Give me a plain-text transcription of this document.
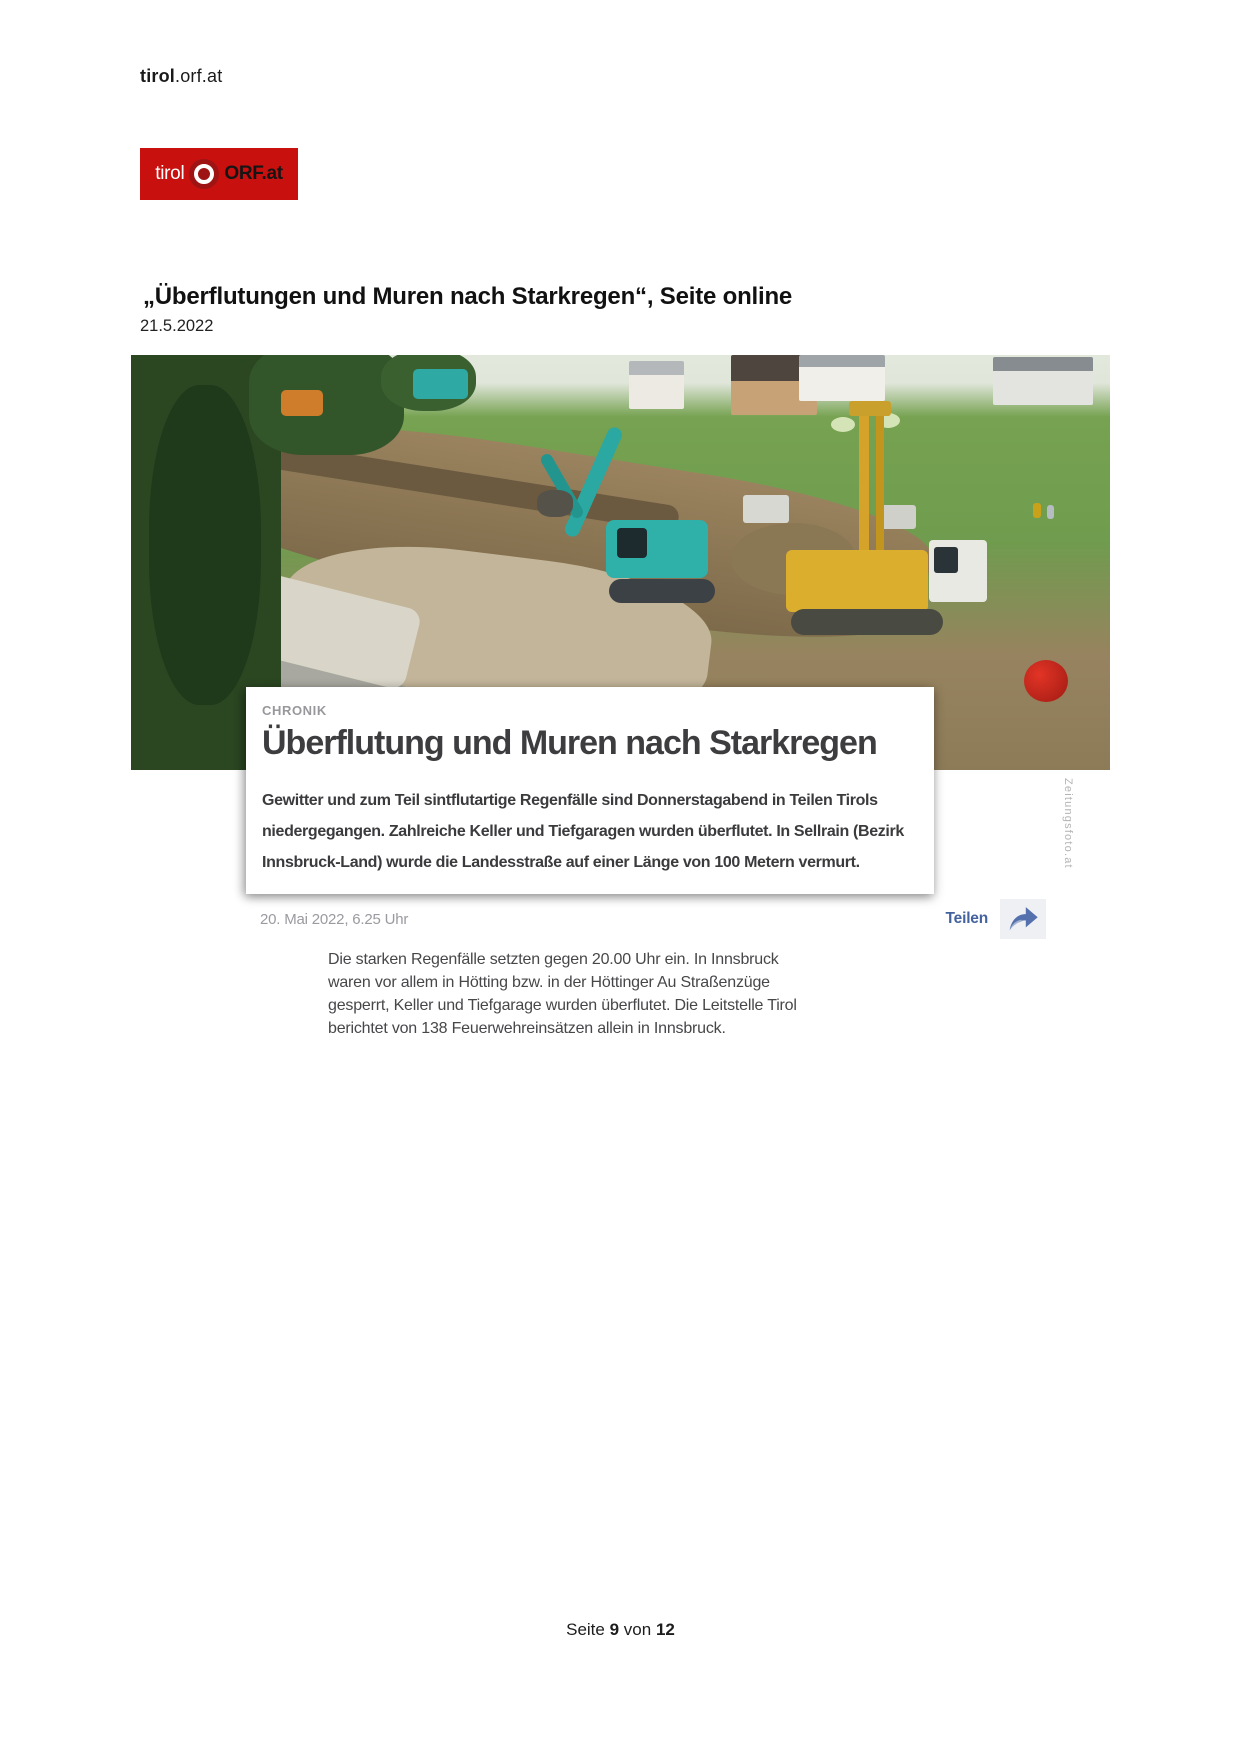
tirol.orf.at
tirol ORF.at
„Überflutungen und Muren nach Starkregen“, Seite online
21.5.2022
CHRONIK
Überflutung und Muren nach Starkregen
Gewitter und zum Teil sintflutartige Regenfälle sind Donnerstagabend in Teilen Tirols
niedergegangen. Zahlreiche Keller und Tiefgaragen wurden überflutet. In Sellrain (Bezirk
Innsbruck-Land) wurde die Landesstraße auf einer Länge von 100 Metern vermurt.
20. Mai 2022, 6.25 Uhr	Teilen
Die starken Regenfälle setzten gegen 20.00 Uhr ein. In Innsbruck
waren vor allem in Hötting bzw. in der Höttinger Au Straßenzüge
gesperrt, Keller und Tiefgarage wurden überflutet. Die Leitstelle Tirol
berichtet von 138 Feuerwehreinsätzen allein in Innsbruck.
Zeitungsfoto.at
Seite 9 von 12
